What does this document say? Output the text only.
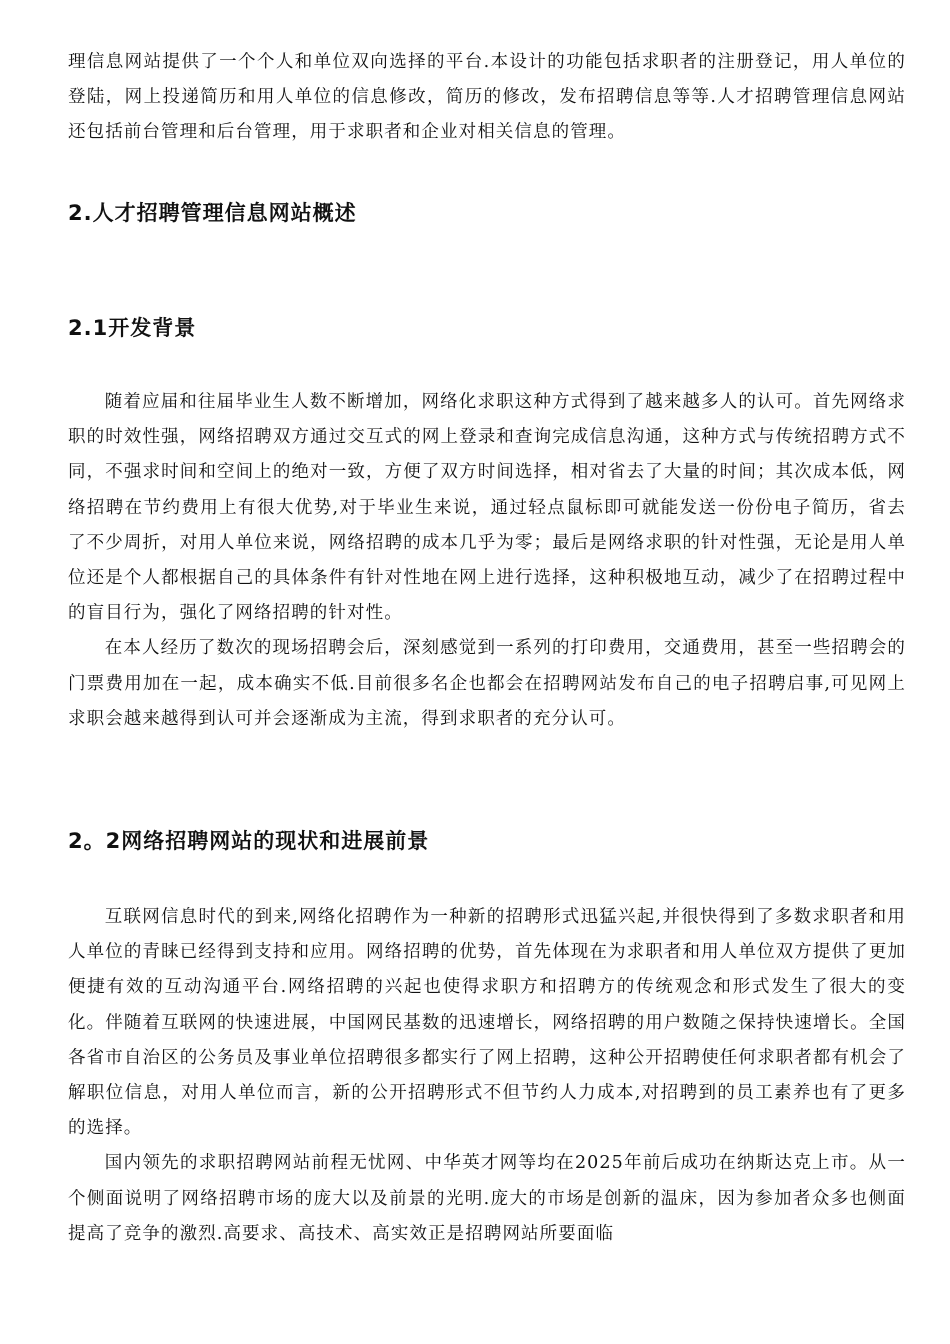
理信息网站提供了一个个人和单位双向选择的平台.本设计的功能包括求职者的注册登记，用人单位的登陆，网上投递简历和用人单位的信息修改，简历的修改，发布招聘信息等等.人才招聘管理信息网站还包括前台管理和后台管理，用于求职者和企业对相关信息的管理。

2.人才招聘管理信息网站概述
2.1开发背景

随着应届和往届毕业生人数不断增加，网络化求职这种方式得到了越来越多人的认可。首先网络求职的时效性强，网络招聘双方通过交互式的网上登录和查询完成信息沟通，这种方式与传统招聘方式不同，不强求时间和空间上的绝对一致，方便了双方时间选择，相对省去了大量的时间；其次成本低，网络招聘在节约费用上有很大优势,对于毕业生来说，通过轻点鼠标即可就能发送一份份电子简历，省去了不少周折，对用人单位来说，网络招聘的成本几乎为零；最后是网络求职的针对性强，无论是用人单位还是个人都根据自己的具体条件有针对性地在网上进行选择，这种积极地互动，减少了在招聘过程中的盲目行为，强化了网络招聘的针对性。

在本人经历了数次的现场招聘会后，深刻感觉到一系列的打印费用，交通费用，甚至一些招聘会的门票费用加在一起，成本确实不低.目前很多名企也都会在招聘网站发布自己的电子招聘启事,可见网上求职会越来越得到认可并会逐渐成为主流，得到求职者的充分认可。

2。2网络招聘网站的现状和进展前景

互联网信息时代的到来,网络化招聘作为一种新的招聘形式迅猛兴起,并很快得到了多数求职者和用人单位的青睐已经得到支持和应用。网络招聘的优势，首先体现在为求职者和用人单位双方提供了更加便捷有效的互动沟通平台.网络招聘的兴起也使得求职方和招聘方的传统观念和形式发生了很大的变化。伴随着互联网的快速进展，中国网民基数的迅速增长，网络招聘的用户数随之保持快速增长。全国各省市自治区的公务员及事业单位招聘很多都实行了网上招聘，这种公开招聘使任何求职者都有机会了解职位信息，对用人单位而言，新的公开招聘形式不但节约人力成本,对招聘到的员工素养也有了更多的选择。

国内领先的求职招聘网站前程无忧网、中华英才网等均在2025年前后成功在纳斯达克上市。从一个侧面说明了网络招聘市场的庞大以及前景的光明.庞大的市场是创新的温床，因为参加者众多也侧面提高了竞争的激烈.高要求、高技术、高实效正是招聘网站所要面临
